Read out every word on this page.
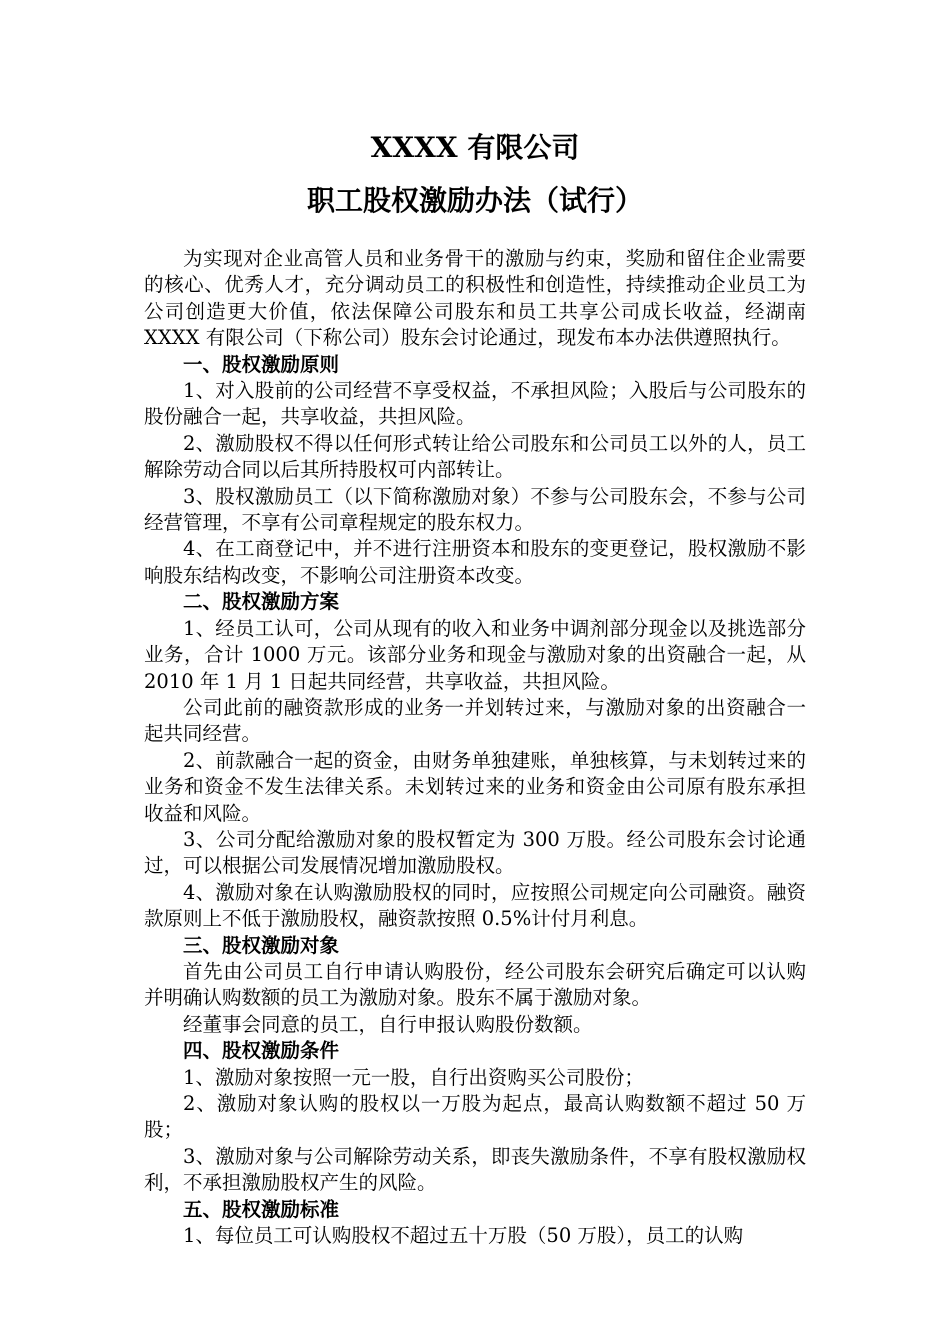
XXXX 有限公司
职工股权激励办法（试行）

为实现对企业高管人员和业务骨干的激励与约束，奖励和留住企业需要的核心、优秀人才，充分调动员工的积极性和创造性，持续推动企业员工为公司创造更大价值，依法保障公司股东和员工共享公司成长收益，经湖南 XXXX 有限公司（下称公司）股东会讨论通过，现发布本办法供遵照执行。

一、股权激励原则

1、对入股前的公司经营不享受权益，不承担风险；入股后与公司股东的股份融合一起，共享收益，共担风险。

2、激励股权不得以任何形式转让给公司股东和公司员工以外的人，员工解除劳动合同以后其所持股权可内部转让。

3、股权激励员工（以下简称激励对象）不参与公司股东会，不参与公司经营管理，不享有公司章程规定的股东权力。

4、在工商登记中，并不进行注册资本和股东的变更登记，股权激励不影响股东结构改变，不影响公司注册资本改变。

二、股权激励方案

1、经员工认可，公司从现有的收入和业务中调剂部分现金以及挑选部分业务，合计 1000 万元。该部分业务和现金与激励对象的出资融合一起，从 2010 年 1 月 1 日起共同经营，共享收益，共担风险。

公司此前的融资款形成的业务一并划转过来，与激励对象的出资融合一起共同经营。

2、前款融合一起的资金，由财务单独建账，单独核算，与未划转过来的业务和资金不发生法律关系。未划转过来的业务和资金由公司原有股东承担收益和风险。

3、公司分配给激励对象的股权暂定为 300 万股。经公司股东会讨论通过，可以根据公司发展情况增加激励股权。

4、激励对象在认购激励股权的同时，应按照公司规定向公司融资。融资款原则上不低于激励股权，融资款按照 0.5%计付月利息。

三、股权激励对象

首先由公司员工自行申请认购股份，经公司股东会研究后确定可以认购并明确认购数额的员工为激励对象。股东不属于激励对象。

经董事会同意的员工，自行申报认购股份数额。

四、股权激励条件

1、激励对象按照一元一股，自行出资购买公司股份；

2、激励对象认购的股权以一万股为起点，最高认购数额不超过 50 万股；

3、激励对象与公司解除劳动关系，即丧失激励条件，不享有股权激励权利，不承担激励股权产生的风险。

五、股权激励标准

1、每位员工可认购股权不超过五十万股（50 万股），员工的认购
